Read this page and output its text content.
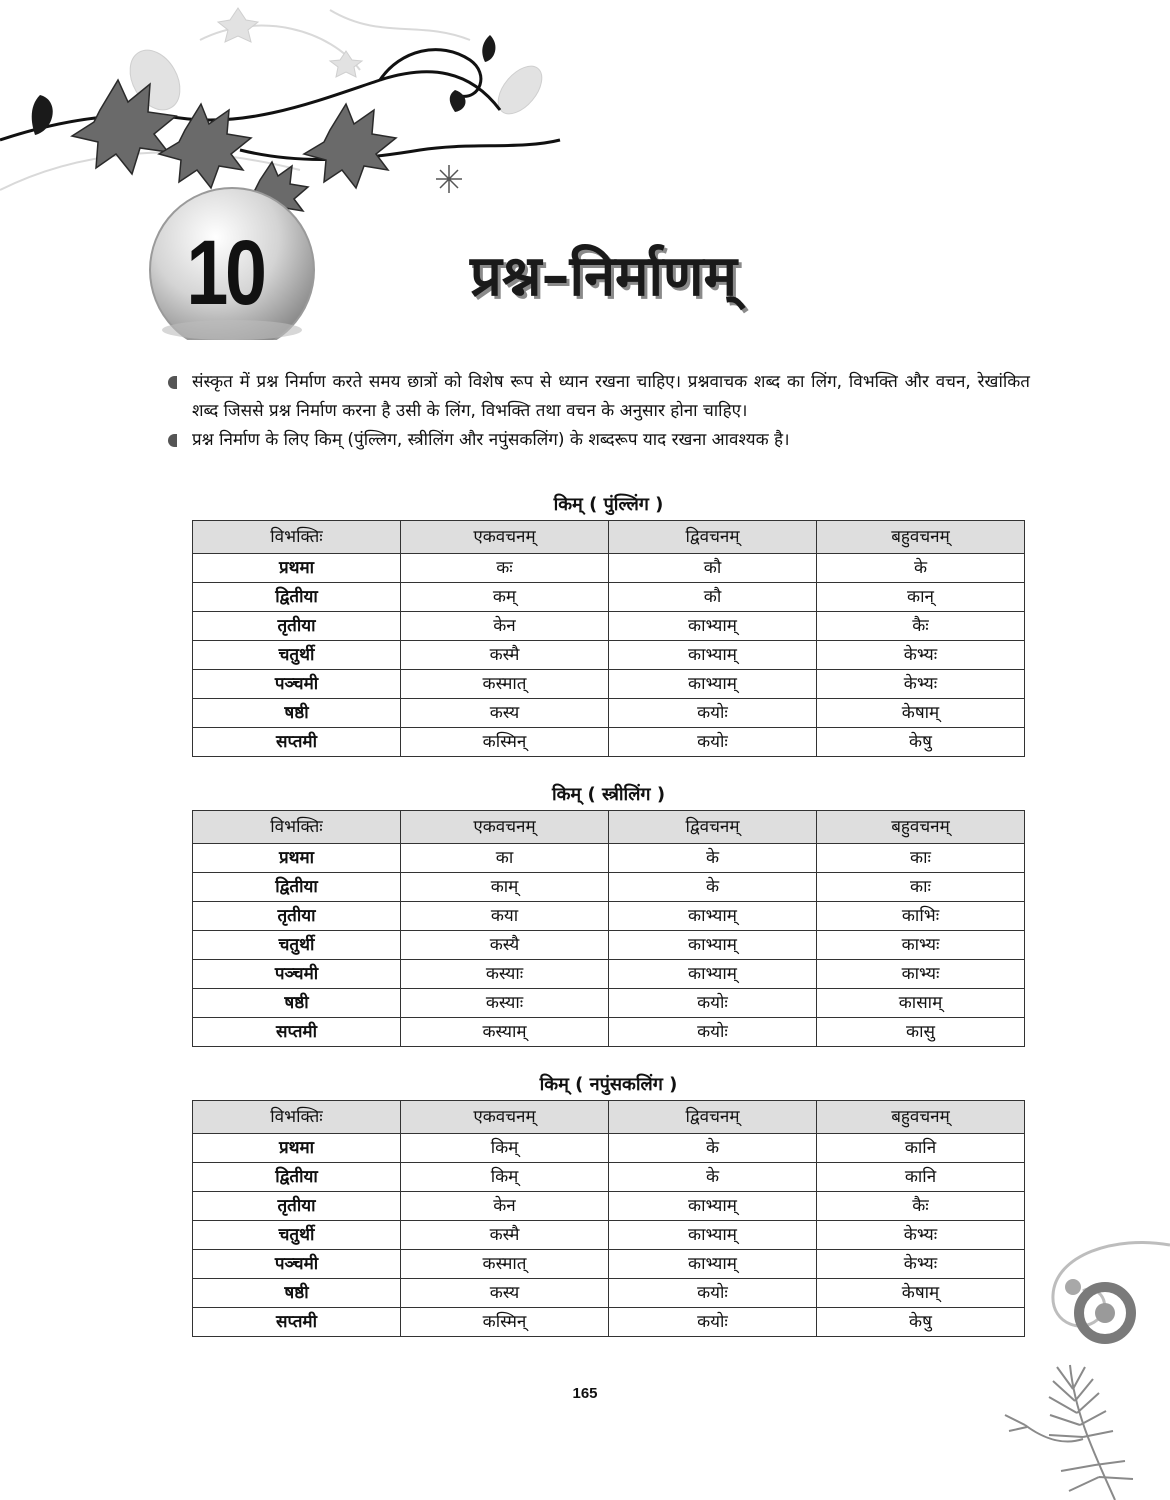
10	प्रश्न–निर्माणम्
संस्कृत में प्रश्न निर्माण करते समय छात्रों को विशेष रूप से ध्यान रखना चाहिए। प्रश्नवाचक शब्द का लिंग, विभक्ति और वचन, रेखांकित शब्द जिससे प्रश्न निर्माण करना है उसी के लिंग, विभक्ति तथा वचन के अनुसार होना चाहिए।
प्रश्न निर्माण के लिए किम् (पुंल्लिग, स्त्रीलिंग और नपुंसकलिंग) के शब्दरूप याद रखना आवश्यक है।
किम् ( पुंल्लिंग )
विभक्तिः	एकवचनम्	द्विवचनम्	बहुवचनम्
प्रथमा	कः	कौ	के
द्वितीया	कम्	कौ	कान्
तृतीया	केन	काभ्याम्	कैः
चतुर्थी	कस्मै	काभ्याम्	केभ्यः
पञ्चमी	कस्मात्	काभ्याम्	केभ्यः
षष्ठी	कस्य	कयोः	केषाम्
सप्तमी	कस्मिन्	कयोः	केषु
किम् ( स्त्रीलिंग )
विभक्तिः	एकवचनम्	द्विवचनम्	बहुवचनम्
प्रथमा	का	के	काः
द्वितीया	काम्	के	काः
तृतीया	कया	काभ्याम्	काभिः
चतुर्थी	कस्यै	काभ्याम्	काभ्यः
पञ्चमी	कस्याः	काभ्याम्	काभ्यः
षष्ठी	कस्याः	कयोः	कासाम्
सप्तमी	कस्याम्	कयोः	कासु
किम् ( नपुंसकलिंग )
विभक्तिः	एकवचनम्	द्विवचनम्	बहुवचनम्
प्रथमा	किम्	के	कानि
द्वितीया	किम्	के	कानि
तृतीया	केन	काभ्याम्	कैः
चतुर्थी	कस्मै	काभ्याम्	केभ्यः
पञ्चमी	कस्मात्	काभ्याम्	केभ्यः
षष्ठी	कस्य	कयोः	केषाम्
सप्तमी	कस्मिन्	कयोः	केषु
165
